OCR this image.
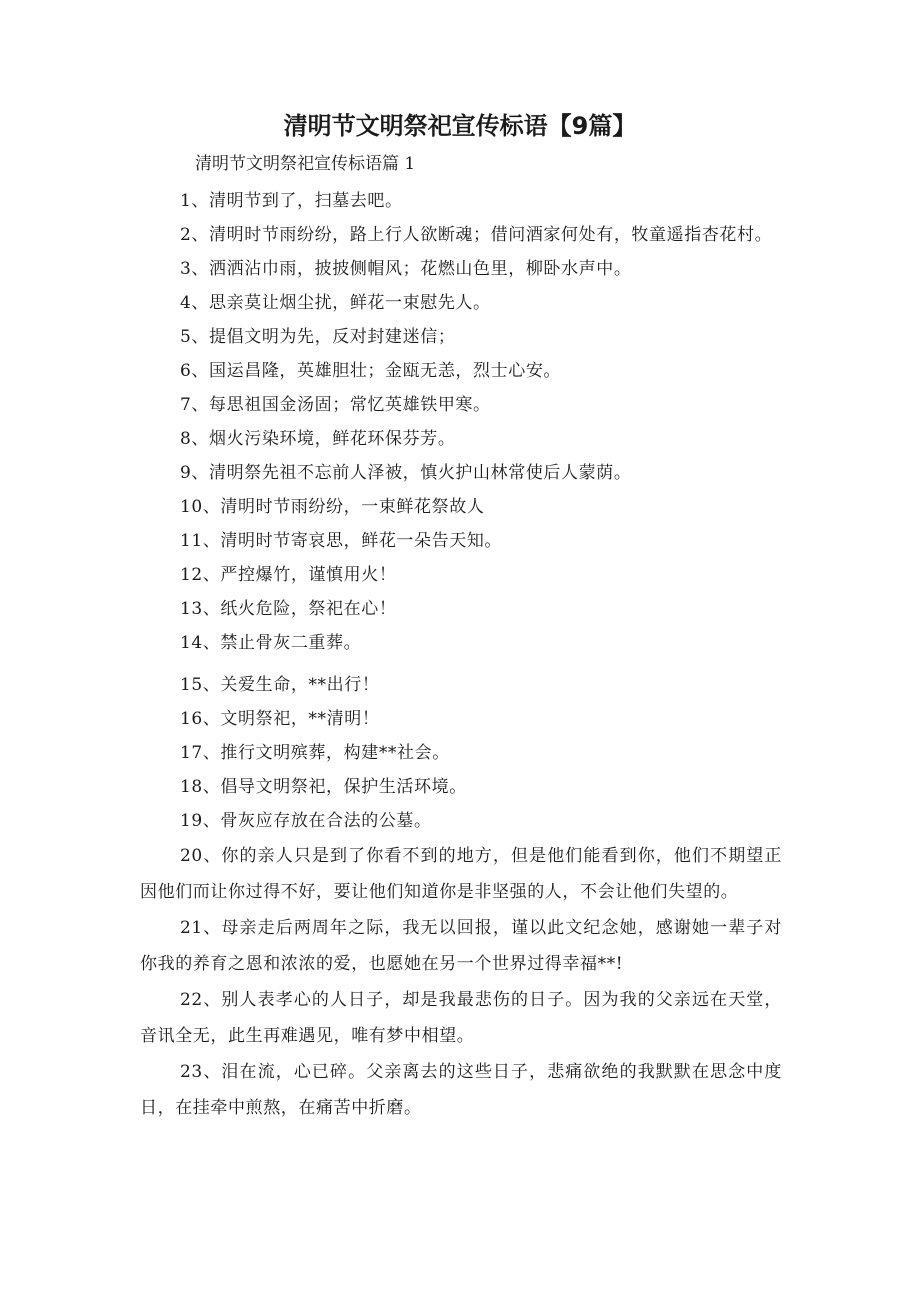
清明节文明祭祀宣传标语【9篇】

清明节文明祭祀宣传标语篇 1

1、清明节到了，扫墓去吧。

2、清明时节雨纷纷，路上行人欲断魂；借问酒家何处有，牧童遥指杏花村。

3、洒洒沾巾雨，披披侧帽风；花燃山色里，柳卧水声中。

4、思亲莫让烟尘扰，鲜花一束慰先人。

5、提倡文明为先，反对封建迷信；

6、国运昌隆，英雄胆壮；金瓯无恙，烈士心安。

7、每思祖国金汤固；常忆英雄铁甲寒。

8、烟火污染环境，鲜花环保芬芳。

9、清明祭先祖不忘前人泽被，慎火护山林常使后人蒙荫。

10、清明时节雨纷纷，一束鲜花祭故人

11、清明时节寄哀思，鲜花一朵告天知。

12、严控爆竹，谨慎用火！

13、纸火危险，祭祀在心！

14、禁止骨灰二重葬。

15、关爱生命，**出行！

16、文明祭祀，**清明！

17、推行文明殡葬，构建**社会。

18、倡导文明祭祀，保护生活环境。

19、骨灰应存放在合法的公墓。

20、你的亲人只是到了你看不到的地方，但是他们能看到你，他们不期望正因他们而让你过得不好，要让他们知道你是非坚强的人，不会让他们失望的。

21、母亲走后两周年之际，我无以回报，谨以此文纪念她，感谢她一辈子对你我的养育之恩和浓浓的爱，也愿她在另一个世界过得幸福**!

22、别人表孝心的人日子，却是我最悲伤的日子。因为我的父亲远在天堂，音讯全无，此生再难遇见，唯有梦中相望。

23、泪在流，心已碎。父亲离去的这些日子，悲痛欲绝的我默默在思念中度日，在挂牵中煎熬，在痛苦中折磨。
